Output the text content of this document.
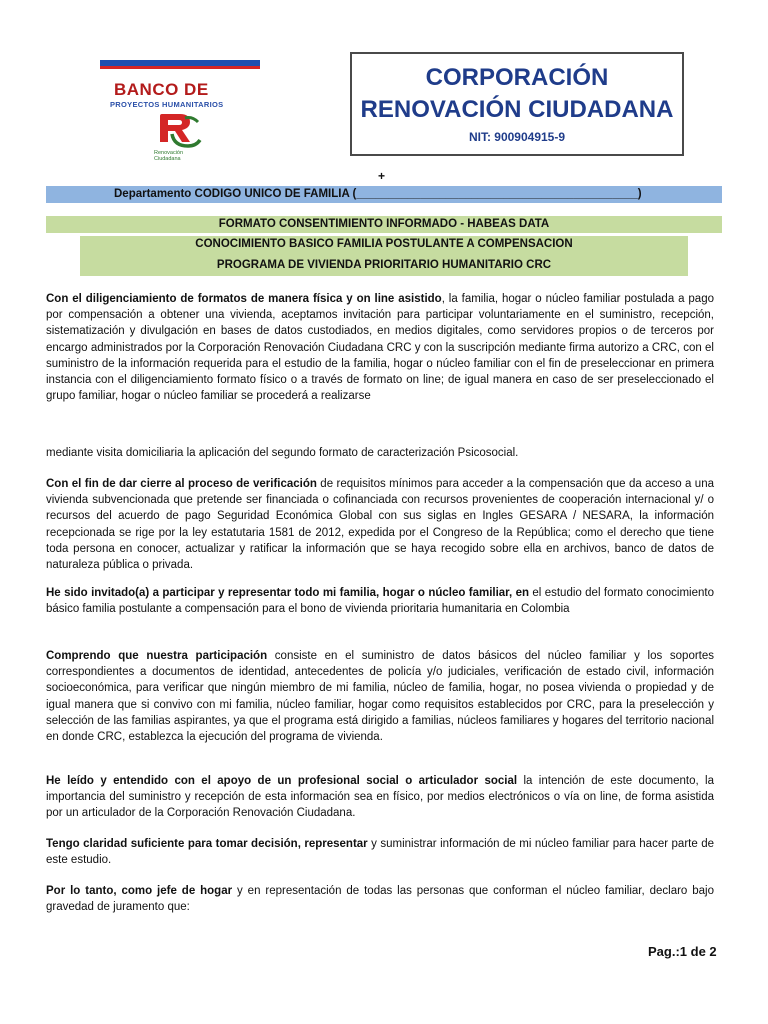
BANCO DE
PROYECTOS HUMANITARIOS
Renovación Ciudadana
CORPORACIÓN
RENOVACIÓN CIUDADANA
NIT: 900904915-9
+
Departamento CODIGO UNICO DE FAMILIA (____________________________________________)
FORMATO CONSENTIMIENTO INFORMADO - HABEAS DATA
CONOCIMIENTO BASICO FAMILIA POSTULANTE A COMPENSACION
PROGRAMA DE VIVIENDA PRIORITARIO HUMANITARIO CRC
Con el diligenciamiento de formatos de manera física y on line asistido, la familia, hogar o núcleo familiar postulada a pago por compensación a obtener una vivienda, aceptamos invitación para participar voluntariamente en el suministro, recepción, sistematización y divulgación en bases de datos custodiados, en medios digitales, como servidores propios o de terceros por encargo administrados por la Corporación Renovación Ciudadana CRC y con la suscripción mediante firma autorizo a CRC, con el suministro de la información requerida para el estudio de la familia, hogar o núcleo familiar con el fin de preseleccionar en primera instancia con el diligenciamiento formato físico o a través de formato on line; de igual manera en caso de ser preseleccionado el grupo familiar, hogar o núcleo familiar se procederá a realizarse
mediante visita domiciliaria la aplicación del segundo formato de caracterización Psicosocial.
Con el fin de dar cierre al proceso de verificación de requisitos mínimos para acceder a la compensación que da acceso a una vivienda subvencionada que pretende ser financiada o cofinanciada con recursos provenientes de cooperación internacional y/ o recursos del acuerdo de pago Seguridad Económica Global con sus siglas en Ingles GESARA / NESARA, la información recepcionada se rige por la ley estatutaria 1581 de 2012, expedida por el Congreso de la República; como el derecho que tiene toda persona en conocer, actualizar y ratificar la información que se haya recogido sobre ella en archivos, banco de datos de naturaleza pública o privada.
He sido invitado(a) a participar y representar todo mi familia, hogar o núcleo familiar, en el estudio del formato conocimiento básico familia postulante a compensación para el bono de vivienda prioritaria humanitaria en Colombia
Comprendo que nuestra participación consiste en el suministro de datos básicos del núcleo familiar y los soportes correspondientes a documentos de identidad, antecedentes de policía y/o judiciales, verificación de estado civil, información socioeconómica, para verificar que ningún miembro de mi familia, núcleo de familia, hogar, no posea vivienda o propiedad y de igual manera que si convivo con mi familia, núcleo familiar, hogar como requisitos establecidos por CRC, para la preselección y selección de las familias aspirantes, ya que el programa está dirigido a familias, núcleos familiares y hogares del territorio nacional en donde CRC, establezca la ejecución del programa de vivienda.
He leído y entendido con el apoyo de un profesional social o articulador social la intención de este documento, la importancia del suministro y recepción de esta información sea en físico, por medios electrónicos o vía on line, de forma asistida por un articulador de la Corporación Renovación Ciudadana.
Tengo claridad suficiente para tomar decisión, representar y suministrar información de mi núcleo familiar para hacer parte de este estudio.
Por lo tanto, como jefe de hogar y en representación de todas las personas que conforman el núcleo familiar, declaro bajo gravedad de juramento que:
Pag.:1 de 2
